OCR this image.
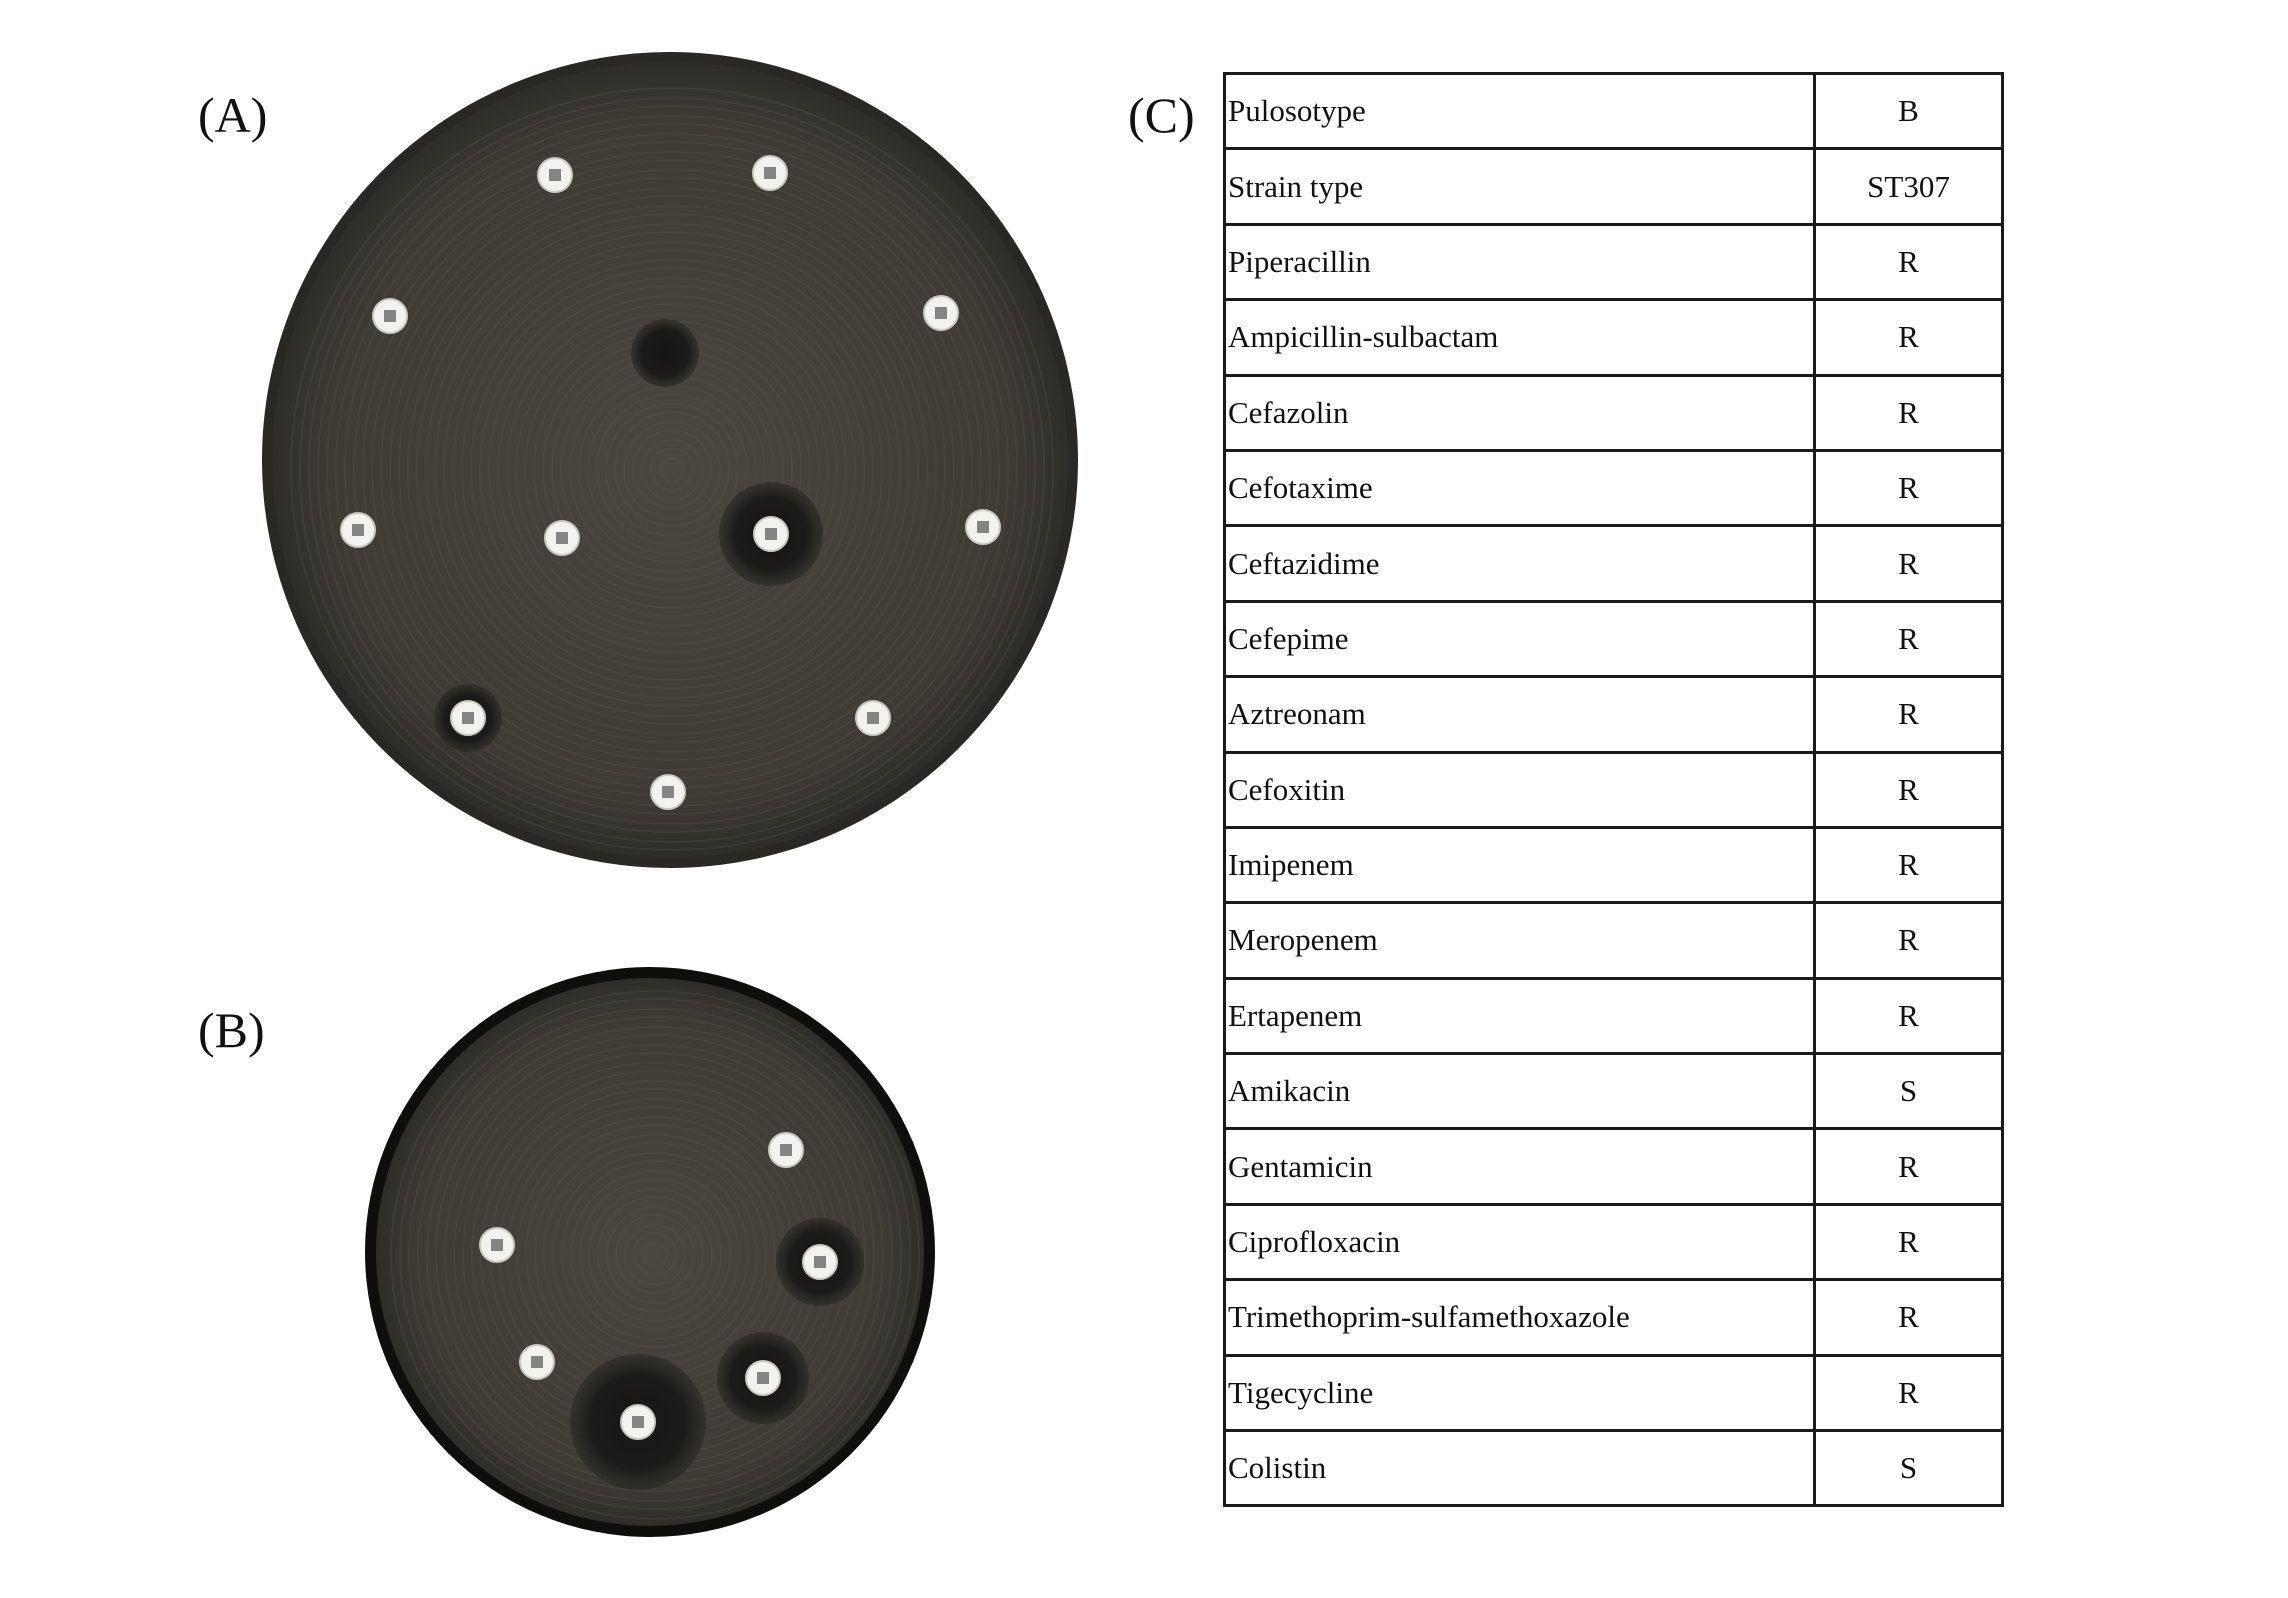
(A)
(B)
(C) Pulosotype	B
Strain type	ST307
Piperacillin	R
Ampicillin-sulbactam	R
Cefazolin	R
Cefotaxime	R
Ceftazidime	R
Cefepime	R
Aztreonam	R
Cefoxitin	R
Imipenem	R
Meropenem	R
Ertapenem	R
Amikacin	S
Gentamicin	R
Ciprofloxacin	R
Trimethoprim-sulfamethoxazole	R
Tigecycline	R
Colistin	S
